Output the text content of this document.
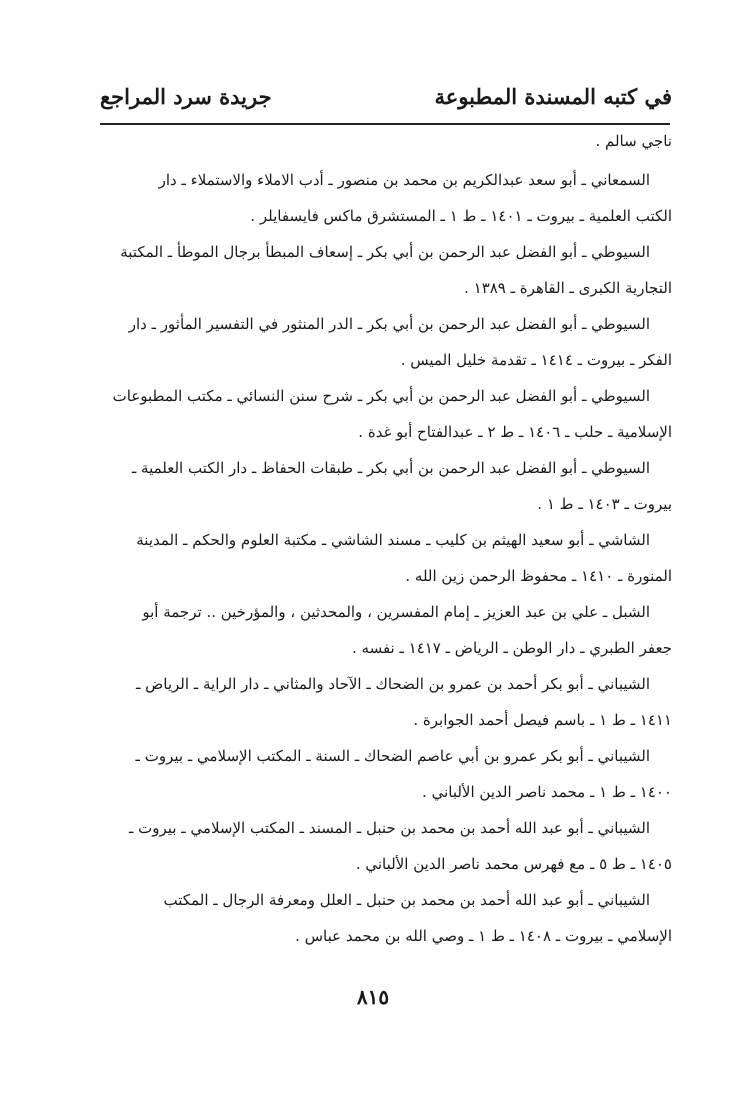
في كتبه المسندة المطبوعة
جريدة سرد المراجع

ناجي سالم .

السمعاني ـ أبو سعد عبدالكريم بن محمد بن منصور ـ أدب الاملاء والاستملاء ـ دار
الكتب العلمية ـ بيروت ـ ١٤٠١ ـ ط ١ ـ المستشرق ماكس فايسفايلر .

السيوطي ـ أبو الفضل عبد الرحمن بن أبي بكر ـ إسعاف المبطأ برجال الموطأ ـ المكتبة
التجارية الكبرى ـ القاهرة ـ ١٣٨٩ .

السيوطي ـ أبو الفضل عبد الرحمن بن أبي بكر ـ الدر المنثور في التفسير المأثور ـ دار
الفكر ـ بيروت ـ ١٤١٤ ـ تقدمة خليل الميس .

السيوطي ـ أبو الفضل عبد الرحمن بن أبي بكر ـ شرح سنن النسائي ـ مكتب المطبوعات
الإسلامية ـ حلب ـ ١٤٠٦ ـ ط ٢ ـ عبدالفتاح أبو غدة .

السيوطي ـ أبو الفضل عبد الرحمن بن أبي بكر ـ طبقات الحفاظ ـ دار الكتب العلمية ـ
بيروت ـ ١٤٠٣ ـ ط ١ .

الشاشي ـ أبو سعيد الهيثم بن كليب ـ مسند الشاشي ـ مكتبة العلوم والحكم ـ المدينة
المنورة ـ ١٤١٠ ـ محفوظ الرحمن زين الله .

الشبل ـ علي بن عبد العزيز ـ إمام المفسرين ، والمحدثين ، والمؤرخين .. ترجمة أبو
جعفر الطبري ـ دار الوطن ـ الرياض ـ ١٤١٧ ـ نفسه .

الشيباني ـ أبو بكر أحمد بن عمرو بن الضحاك ـ الآحاد والمثاني ـ دار الراية ـ الرياض ـ
١٤١١ ـ ط ١ ـ باسم فيصل أحمد الجوابرة .

الشيباني ـ أبو بكر عمرو بن أبي عاصم الضحاك ـ السنة ـ المكتب الإسلامي ـ بيروت ـ
١٤٠٠ ـ ط ١ ـ محمد ناصر الدين الألباني .

الشيباني ـ أبو عبد الله أحمد بن محمد بن حنبل ـ المسند ـ المكتب الإسلامي ـ بيروت ـ
١٤٠٥ ـ ط ٥ ـ مع فهرس محمد ناصر الدين الألباني .

الشيباني ـ أبو عبد الله أحمد بن محمد بن حنبل ـ العلل ومعرفة الرجال ـ المكتب
الإسلامي ـ بيروت ـ ١٤٠٨ ـ ط ١ ـ وصي الله بن محمد عباس .

٨١٥
